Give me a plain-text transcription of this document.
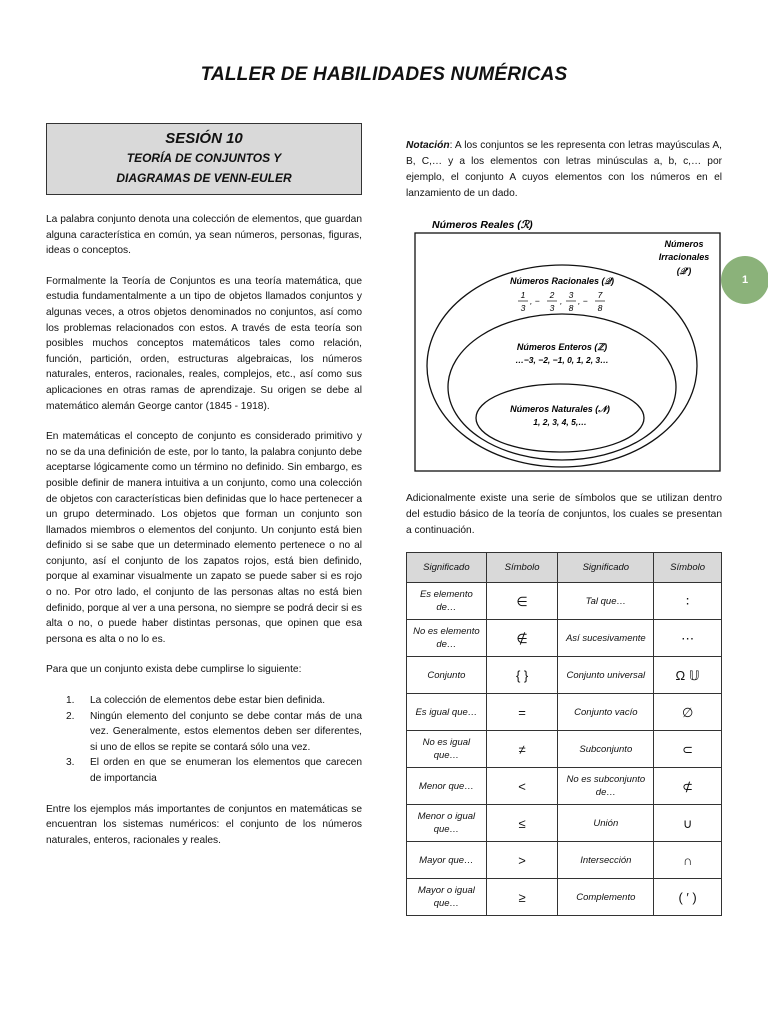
TALLER DE HABILIDADES NUMÉRICAS
SESIÓN 10
TEORÍA DE CONJUNTOS Y
DIAGRAMAS DE VENN-EULER

La palabra conjunto denota una colección de elementos, que guardan alguna característica en común, ya sean números, personas, figuras, ideas o conceptos.

Formalmente la Teoría de Conjuntos es una teoría matemática, que estudia fundamentalmente a un tipo de objetos llamados conjuntos y algunas veces, a otros objetos denominados no conjuntos, así como los problemas relacionados con estos. A través de esta teoría son posibles muchos conceptos matemáticos tales como relación, función, partición, orden, estructuras algebraicas, los números naturales, enteros, racionales, reales, complejos, etc., así como sus aplicaciones en otras ramas de aprendizaje. Su origen se debe al matemático alemán George cantor (1845 - 1918).

En matemáticas el concepto de conjunto es considerado primitivo y no se da una definición de este, por lo tanto, la palabra conjunto debe aceptarse lógicamente como un término no definido. Sin embargo, es posible definir de manera intuitiva a un conjunto, como una colección de objetos con características bien definidas que lo hace pertenecer a un grupo determinado. Los objetos que forman un conjunto son llamados miembros o elementos del conjunto. Un conjunto está bien definido si se sabe que un determinado elemento pertenece o no al conjunto, así el conjunto de los zapatos rojos, está bien definido, porque al examinar visualmente un zapato se puede saber si es rojo o no. Por otro lado, el conjunto de las personas altas no está bien definido, porque al ver a una persona, no siempre se podrá decir si es alta o no, o puede haber distintas personas, que opinen que esa persona es alta o no lo es.

Para que un conjunto exista debe cumplirse lo siguiente:

1. La colección de elementos debe estar bien definida.
2. Ningún elemento del conjunto se debe contar más de una vez. Generalmente, estos elementos deben ser diferentes, si uno de ellos se repite se contará sólo una vez.
3. El orden en que se enumeran los elementos que carecen de importancia

Entre los ejemplos más importantes de conjuntos en matemáticas se encuentran los sistemas numéricos: el conjunto de los números naturales, enteros, racionales y reales.

Notación: A los conjuntos se les representa con letras mayúsculas A, B, C,… y a los elementos con letras minúsculas a, b, c,… por ejemplo, el conjunto A cuyos elementos con los números en el lanzamiento de un dado.
Números Reales (ℛ)
Números
Irracionales
(𝒬′)
Números Racionales (𝒬)
1
3
, −
2
3
,
3
8
, −
7
8
Números Enteros (ℤ)
…−3, −2, −1, 0, 1, 2, 3…
Números Naturales (𝒩)
1, 2, 3, 4, 5,…
Adicionalmente existe una serie de símbolos que se utilizan dentro del estudio básico de la teoría de conjuntos, los cuales se presentan a continuación.
Significado	Símbolo	Significado	Símbolo
Es elemento de…	∈	Tal que…	∶
No es elemento de…	∉	Así sucesivamente	⋯
Conjunto	{ }	Conjunto universal	Ω 𝕌
Es igual que…	=	Conjunto vacío	∅
No es igual que…	≠	Subconjunto	⊂
Menor que…	<	No es subconjunto de…	⊄
Menor o igual que…	≤	Unión	∪
Mayor que…	>	Intersección	∩
Mayor o igual que…	≥	Complemento	( ′ )
1
